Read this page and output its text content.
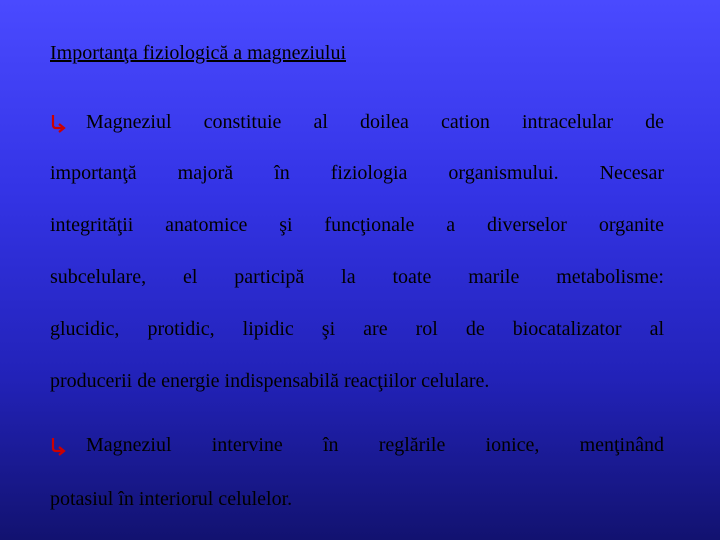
Importanţa fiziologică a magneziului
Magneziul constituie al doilea cation intracelular de
importanţă majoră în fiziologia organismului. Necesar
integrităţii anatomice şi funcţionale a diverselor organite
subcelulare, el participă la toate marile metabolisme:
glucidic, protidic, lipidic şi are rol de biocatalizator al
producerii de energie indispensabilă reacţiilor celulare.
Magneziul intervine în reglările ionice, menţinând
potasiul în interiorul celulelor.
